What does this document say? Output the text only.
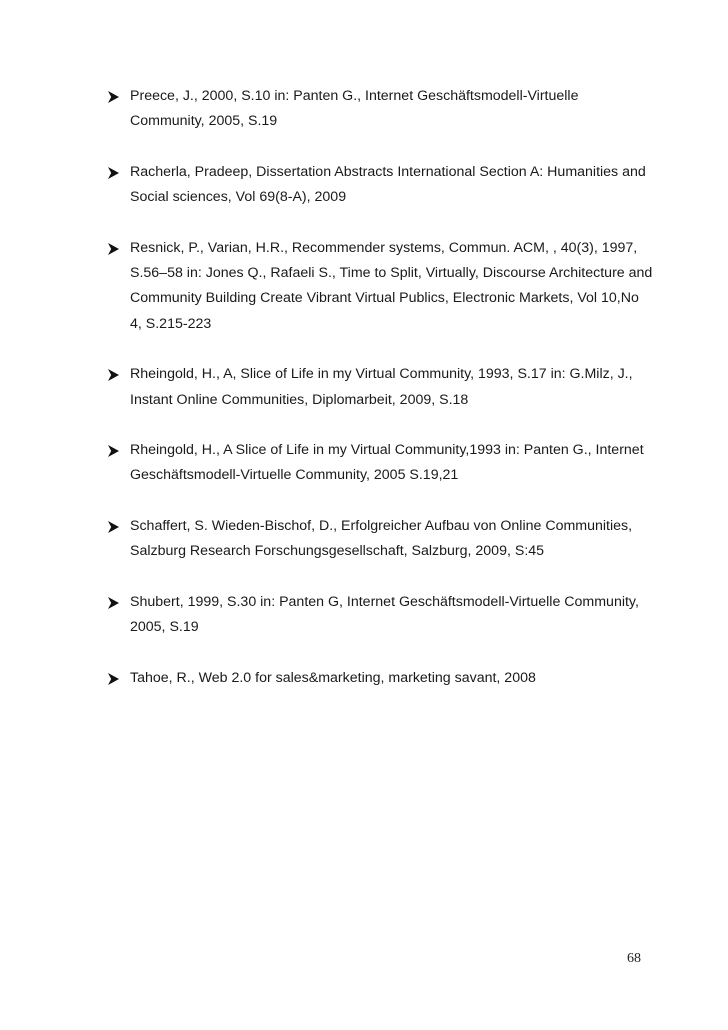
Preece, J., 2000, S.10 in: Panten G., Internet Geschäftsmodell-Virtuelle Community, 2005, S.19
Racherla, Pradeep, Dissertation Abstracts International Section A: Humanities and Social sciences, Vol 69(8-A), 2009
Resnick, P., Varian, H.R., Recommender systems, Commun. ACM, , 40(3), 1997, S.56–58 in: Jones Q., Rafaeli S., Time to Split, Virtually, Discourse Architecture and Community Building Create Vibrant Virtual Publics, Electronic Markets, Vol 10,No 4, S.215-223
Rheingold, H., A, Slice of Life in my Virtual Community, 1993, S.17 in: G.Milz, J., Instant Online Communities, Diplomarbeit, 2009, S.18
Rheingold, H., A Slice of Life in my Virtual Community,1993 in: Panten G., Internet Geschäftsmodell-Virtuelle Community, 2005 S.19,21
Schaffert, S. Wieden-Bischof, D., Erfolgreicher Aufbau von Online Communities, Salzburg Research Forschungsgesellschaft, Salzburg, 2009, S:45
Shubert, 1999, S.30 in: Panten G, Internet Geschäftsmodell-Virtuelle Community, 2005, S.19
Tahoe, R., Web 2.0 for sales&marketing, marketing savant, 2008
68
